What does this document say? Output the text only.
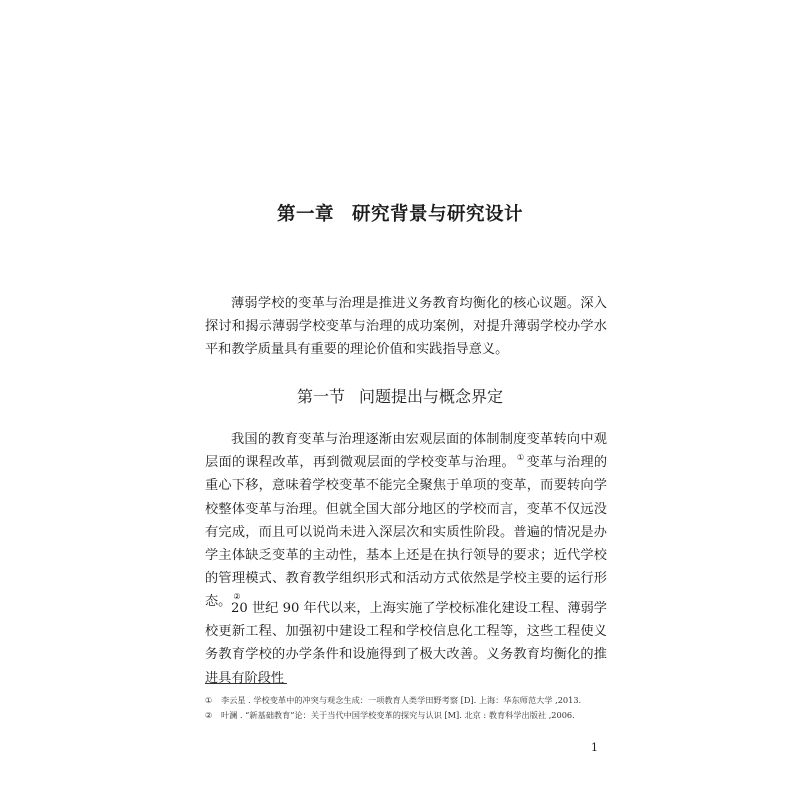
第一章 研究背景与研究设计

薄弱学校的变革与治理是推进义务教育均衡化的核心议题。深入探讨和揭示薄弱学校变革与治理的成功案例，对提升薄弱学校办学水平和教学质量具有重要的理论价值和实践指导意义。

第一节 问题提出与概念界定

我国的教育变革与治理逐渐由宏观层面的体制制度变革转向中观层面的课程改革，再到微观层面的学校变革与治理。 ① 变革与治理的重心下移，意味着学校变革不能完全聚焦于单项的变革，而要转向学校整体变革与治理。但就全国大部分地区的学校而言，变革不仅远没有完成，而且可以说尚未进入深层次和实质性阶段。普遍的情况是办学主体缺乏变革的主动性，基本上还是在执行领导的要求；近代学校的管理模式、教育教学组织形式和活动方式依然是学校主要的运行形态。 ②

20 世纪 90 年代以来，上海实施了学校标准化建设工程、薄弱学校更新工程、加强初中建设工程和学校信息化工程等，这些工程使义务教育学校的办学条件和设施得到了极大改善。义务教育均衡化的推进具有阶段性

① 李云星 . 学校变革中的冲突与观念生成：一项教育人类学田野考察 [D]. 上海：华东师范大学 ,2013.
② 叶澜 . “新基础教育”论：关于当代中国学校变革的探究与认识 [M]. 北京 : 教育科学出版社 ,2006.
1
